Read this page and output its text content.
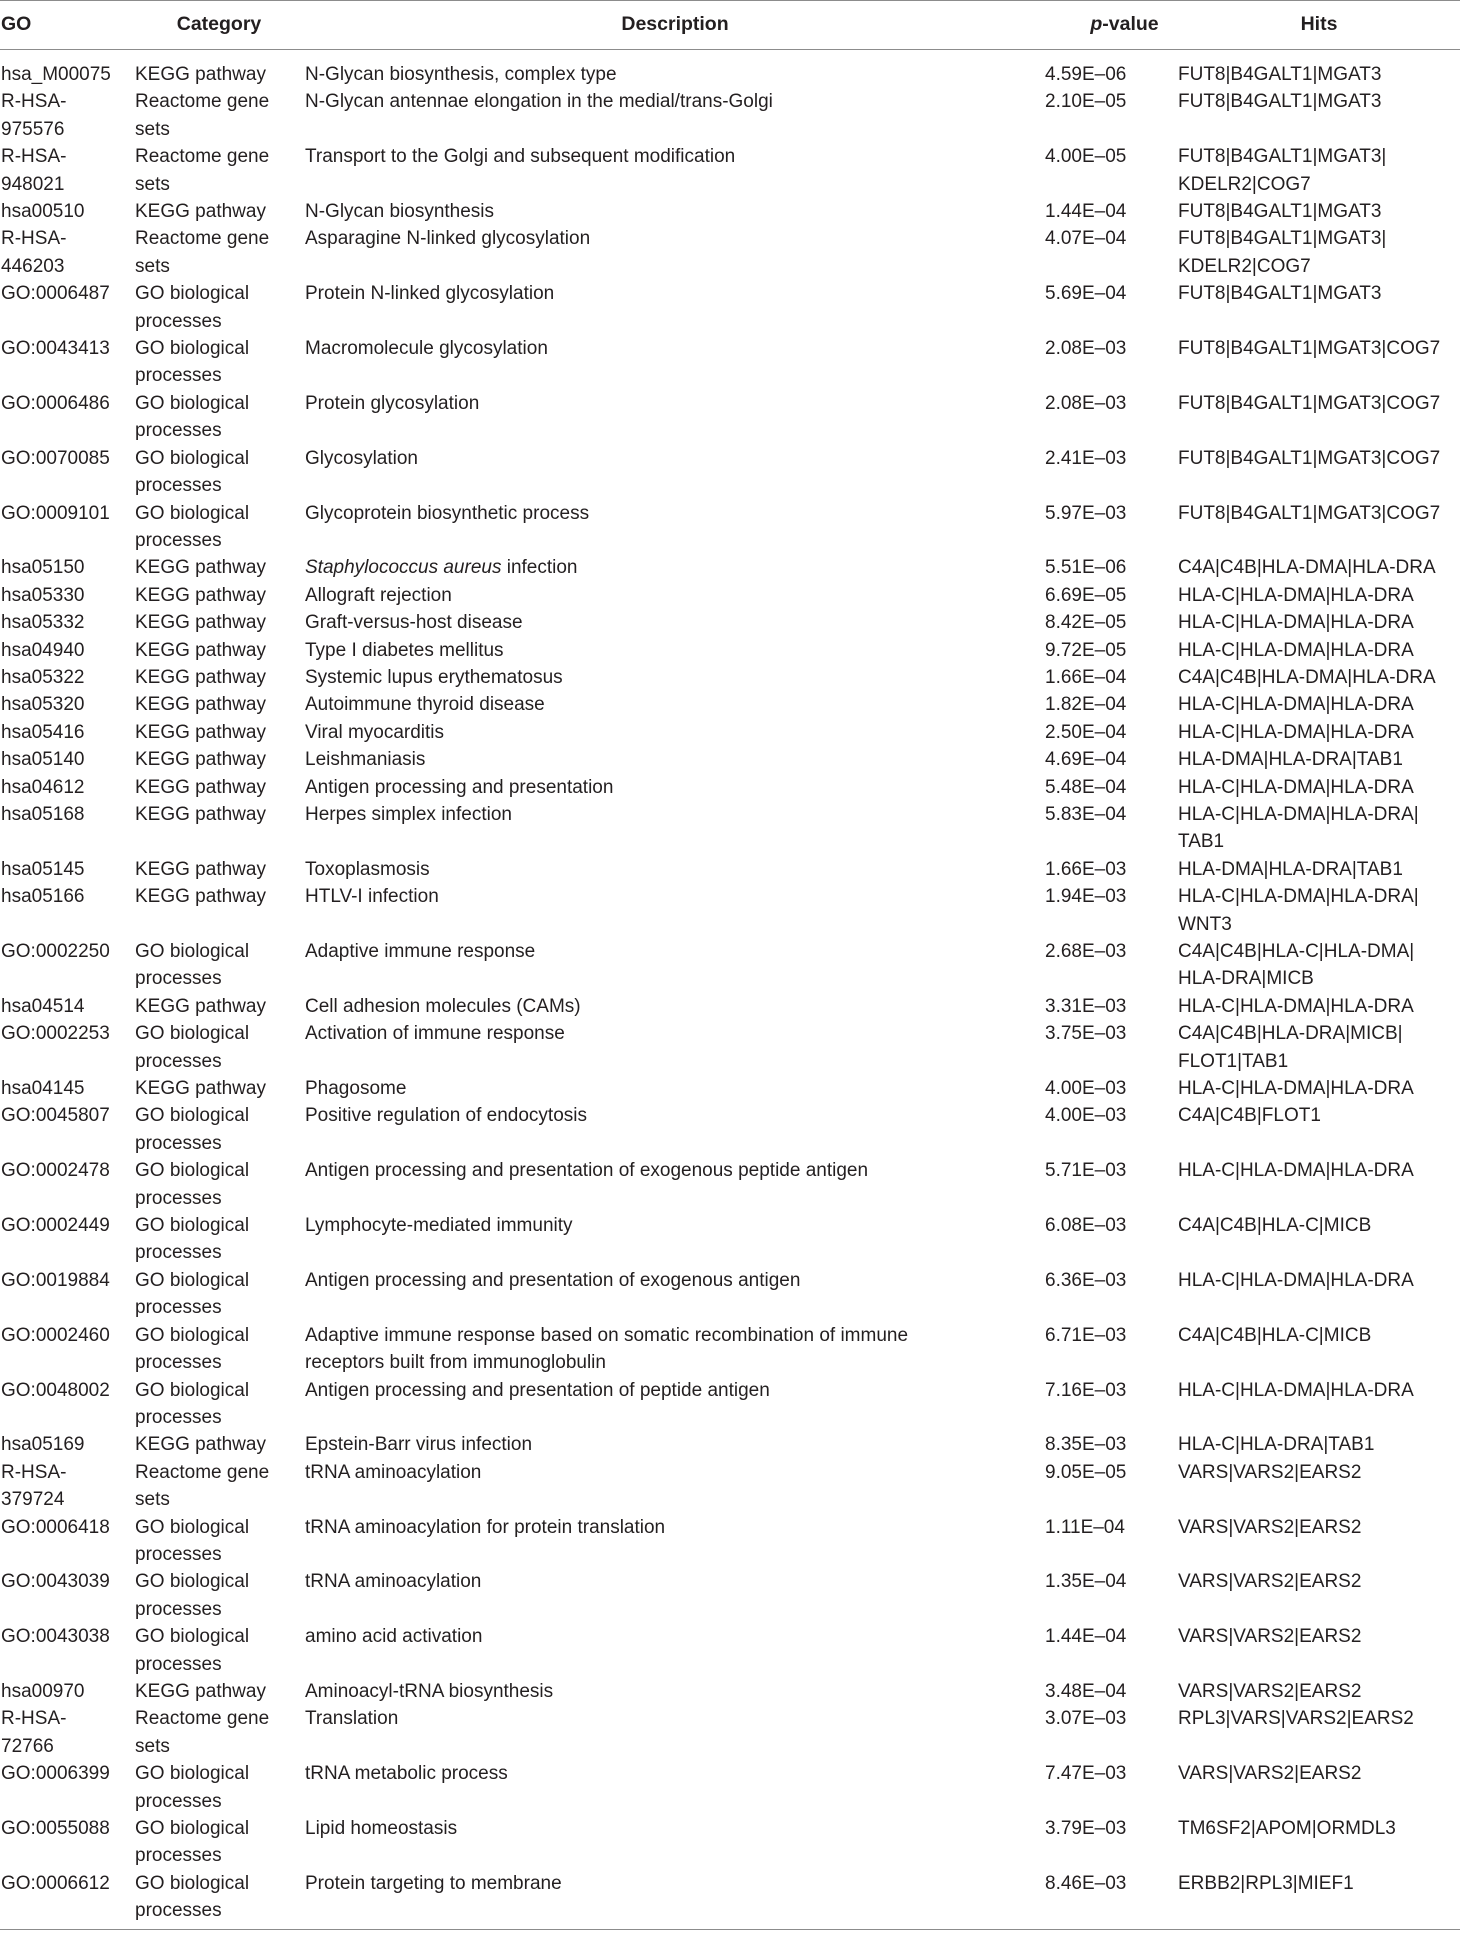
GO	Category	Description	p-value	Hits
hsa_M00075	KEGG pathway	N-Glycan biosynthesis, complex type	4.59E–06	FUT8|B4GALT1|MGAT3
R-HSA-
975576	Reactome gene
sets	N-Glycan antennae elongation in the medial/trans-Golgi	2.10E–05	FUT8|B4GALT1|MGAT3
R-HSA-
948021	Reactome gene
sets	Transport to the Golgi and subsequent modification	4.00E–05	FUT8|B4GALT1|MGAT3|
KDELR2|COG7
hsa00510	KEGG pathway	N-Glycan biosynthesis	1.44E–04	FUT8|B4GALT1|MGAT3
R-HSA-
446203	Reactome gene
sets	Asparagine N-linked glycosylation	4.07E–04	FUT8|B4GALT1|MGAT3|
KDELR2|COG7
GO:0006487	GO biological
processes	Protein N-linked glycosylation	5.69E–04	FUT8|B4GALT1|MGAT3
GO:0043413	GO biological
processes	Macromolecule glycosylation	2.08E–03	FUT8|B4GALT1|MGAT3|COG7
GO:0006486	GO biological
processes	Protein glycosylation	2.08E–03	FUT8|B4GALT1|MGAT3|COG7
GO:0070085	GO biological
processes	Glycosylation	2.41E–03	FUT8|B4GALT1|MGAT3|COG7
GO:0009101	GO biological
processes	Glycoprotein biosynthetic process	5.97E–03	FUT8|B4GALT1|MGAT3|COG7
hsa05150	KEGG pathway	Staphylococcus aureus infection	5.51E–06	C4A|C4B|HLA-DMA|HLA-DRA
hsa05330	KEGG pathway	Allograft rejection	6.69E–05	HLA-C|HLA-DMA|HLA-DRA
hsa05332	KEGG pathway	Graft-versus-host disease	8.42E–05	HLA-C|HLA-DMA|HLA-DRA
hsa04940	KEGG pathway	Type I diabetes mellitus	9.72E–05	HLA-C|HLA-DMA|HLA-DRA
hsa05322	KEGG pathway	Systemic lupus erythematosus	1.66E–04	C4A|C4B|HLA-DMA|HLA-DRA
hsa05320	KEGG pathway	Autoimmune thyroid disease	1.82E–04	HLA-C|HLA-DMA|HLA-DRA
hsa05416	KEGG pathway	Viral myocarditis	2.50E–04	HLA-C|HLA-DMA|HLA-DRA
hsa05140	KEGG pathway	Leishmaniasis	4.69E–04	HLA-DMA|HLA-DRA|TAB1
hsa04612	KEGG pathway	Antigen processing and presentation	5.48E–04	HLA-C|HLA-DMA|HLA-DRA
hsa05168	KEGG pathway	Herpes simplex infection	5.83E–04	HLA-C|HLA-DMA|HLA-DRA|
TAB1
hsa05145	KEGG pathway	Toxoplasmosis	1.66E–03	HLA-DMA|HLA-DRA|TAB1
hsa05166	KEGG pathway	HTLV-I infection	1.94E–03	HLA-C|HLA-DMA|HLA-DRA|
WNT3
GO:0002250	GO biological
processes	Adaptive immune response	2.68E–03	C4A|C4B|HLA-C|HLA-DMA|
HLA-DRA|MICB
hsa04514	KEGG pathway	Cell adhesion molecules (CAMs)	3.31E–03	HLA-C|HLA-DMA|HLA-DRA
GO:0002253	GO biological
processes	Activation of immune response	3.75E–03	C4A|C4B|HLA-DRA|MICB|
FLOT1|TAB1
hsa04145	KEGG pathway	Phagosome	4.00E–03	HLA-C|HLA-DMA|HLA-DRA
GO:0045807	GO biological
processes	Positive regulation of endocytosis	4.00E–03	C4A|C4B|FLOT1
GO:0002478	GO biological
processes	Antigen processing and presentation of exogenous peptide antigen	5.71E–03	HLA-C|HLA-DMA|HLA-DRA
GO:0002449	GO biological
processes	Lymphocyte-mediated immunity	6.08E–03	C4A|C4B|HLA-C|MICB
GO:0019884	GO biological
processes	Antigen processing and presentation of exogenous antigen	6.36E–03	HLA-C|HLA-DMA|HLA-DRA
GO:0002460	GO biological
processes	Adaptive immune response based on somatic recombination of immune
receptors built from immunoglobulin	6.71E–03	C4A|C4B|HLA-C|MICB
GO:0048002	GO biological
processes	Antigen processing and presentation of peptide antigen	7.16E–03	HLA-C|HLA-DMA|HLA-DRA
hsa05169	KEGG pathway	Epstein-Barr virus infection	8.35E–03	HLA-C|HLA-DRA|TAB1
R-HSA-
379724	Reactome gene
sets	tRNA aminoacylation	9.05E–05	VARS|VARS2|EARS2
GO:0006418	GO biological
processes	tRNA aminoacylation for protein translation	1.11E–04	VARS|VARS2|EARS2
GO:0043039	GO biological
processes	tRNA aminoacylation	1.35E–04	VARS|VARS2|EARS2
GO:0043038	GO biological
processes	amino acid activation	1.44E–04	VARS|VARS2|EARS2
hsa00970	KEGG pathway	Aminoacyl-tRNA biosynthesis	3.48E–04	VARS|VARS2|EARS2
R-HSA-
72766	Reactome gene
sets	Translation	3.07E–03	RPL3|VARS|VARS2|EARS2
GO:0006399	GO biological
processes	tRNA metabolic process	7.47E–03	VARS|VARS2|EARS2
GO:0055088	GO biological
processes	Lipid homeostasis	3.79E–03	TM6SF2|APOM|ORMDL3
GO:0006612	GO biological
processes	Protein targeting to membrane	8.46E–03	ERBB2|RPL3|MIEF1
